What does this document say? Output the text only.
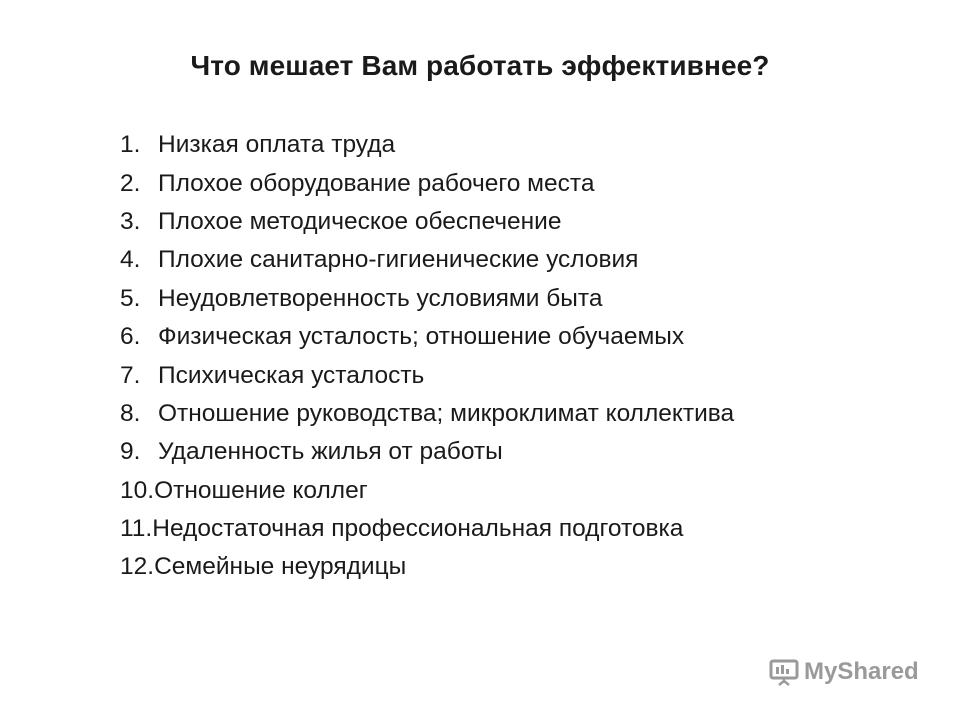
Что мешает Вам работать эффективнее?
1. Низкая оплата труда
2. Плохое оборудование рабочего места
3. Плохое методическое обеспечение
4. Плохие санитарно-гигиенические условия
5. Неудовлетворенность условиями быта
6. Физическая усталость; отношение обучаемых
7. Психическая усталость
8. Отношение руководства; микроклимат коллектива
9. Удаленность жилья от работы
10. Отношение коллег
11. Недостаточная профессиональная подготовка
12. Семейные неурядицы
MyShared
